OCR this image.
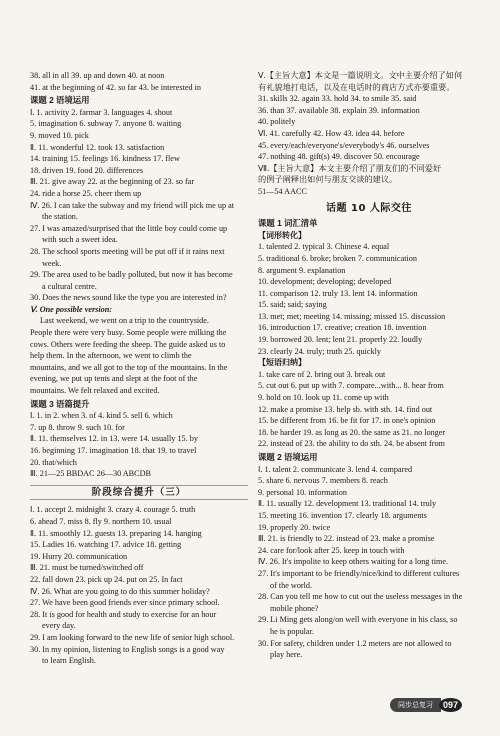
38. all in all 39. up and down 40. at noon
41. at the beginning of 42. so far 43. be interested in
课题 2 语境运用
Ⅰ. 1. activity 2. farmar 3. languages 4. shout
5. imagination 6. subway 7. anyone 8. waiting
9. moved 10. pick
Ⅱ. 11. wonderful 12. took 13. satisfaction
14. training 15. feelings 16. kindness 17. flew
18. driven 19. food 20. differences
Ⅲ. 21. give away 22. at the beginning of 23. so far
24. ride a horse 25. cheer them up
Ⅳ. 26. I can take the subway and my friend will pick me up at
the station.
27. I was amazed/surprised that the little boy could come up
with such a sweet idea.
28. The school sports meeting will be put off if it rains next
week.
29. The area used to be badly polluted, but now it has become
a cultural centre.
30. Does the news sound like the type you are interested in?
Ⅴ. One possible version:
Last weekend, we went on a trip to the countryside.
People there were very busy. Some people were milking the
cows. Others were feeding the sheep. The guide asked us to
help them. In the afternoon, we went to climb the
mountains, and we all got to the top of the mountains. In the
evening, we put up tents and slept at the foot of the
mountains. We felt relaxed and excited.
课题 3 语篇提升
Ⅰ. 1. in 2. when 3. of 4. kind 5. sell 6. which
7. up 8. throw 9. such 10. for
Ⅱ. 11. themselves 12. in 13. were 14. usually 15. by
16. beginning 17. imagination 18. that 19. to travel
20. that/which
Ⅲ. 21—25 BBDAC 26—30 ABCDB
阶段综合提升（三）
Ⅰ. 1. accept 2. midnight 3. crazy 4. courage 5. truth
6. ahead 7. miss 8. fly 9. northern 10. usual
Ⅱ. 11. smoothly 12. guests 13. preparing 14. hanging
15. Ladies 16. watching 17. advice 18. getting
19. Hurry 20. communication
Ⅲ. 21. must be turned/switched off
22. fall down 23. pick up 24. put on 25. In fact
Ⅳ. 26. What are you going to do this summer holiday?
27. We have been good friends ever since primary school.
28. It is good for health and study to exercise for an hour
every day.
29. I am looking forward to the new life of senior high school.
30. In my opinion, listening to English songs is a good way
to learn English.
Ⅴ.【主旨大意】本文是一篇说明文。文中主要介绍了如何
有礼貌地打电话，以及在电话时的商店方式亦要重要。
31. skills 32. again 33. hold 34. to smile 35. said
36. than 37. available 38. explain 39. information
40. politely
Ⅵ. 41. carefully 42. How 43. idea 44. before
45. every/each/everyone's/everybody's 46. ourselves
47. nothing 48. gift(s) 49. discover 50. encourage
Ⅶ.【主旨大意】本文主要介绍了朋友们的不同爱好
的例子阐释出如何与朋友交谈的建议。
51—54 AACC
话题 10 人际交往
课题 1 词汇清单
【词形转化】
1. talented 2. typical 3. Chinese 4. equal
5. traditional 6. broke; broken 7. communication
8. argument 9. explanation
10. development; developing; developed
11. comparison 12. truly 13. lent 14. information
15. said; said; saying
13. met; met; meeting 14. missing; missed 15. discussion
16. introduction 17. creative; creation 18. invention
19. borrowed 20. lent; lent 21. properly 22. loudly
23. clearly 24. truly; truth 25. quickly
【短语归纳】
1. take care of 2. bring out 3. break out
5. cut out 6. put up with 7. compare...with... 8. hear from
9. hold on 10. look up 11. come up with
12. make a promise 13. help sb. with sth. 14. find out
15. be different from 16. be fit for 17. in one's opinion
18. be harder 19. as long as 20. the same as 21. no longer
22. instead of 23. the ability to do sth. 24. be absent from
课题 2 语境运用
Ⅰ. 1. talent 2. communicate 3. lend 4. compared
5. share 6. nervous 7. members 8. reach
9. personal 10. information
Ⅱ. 11. usually 12. development 13. traditional 14. truly
15. meeting 16. invention 17. clearly 18. arguments
19. properly 20. twice
Ⅲ. 21. is friendly to 22. instead of 23. make a promise
24. care for/look after 25. keep in touch with
Ⅳ. 26. It's impolite to keep others waiting for a long time.
27. It's important to be friendly/nice/kind to different cultures
of the world.
28. Can you tell me how to cut out the useless messages in the
mobile phone?
29. Li Ming gets along/on well with everyone in his class, so
he is popular.
30. For safety, children under 1.2 meters are not allowed to
play here.
同步总复习	097
